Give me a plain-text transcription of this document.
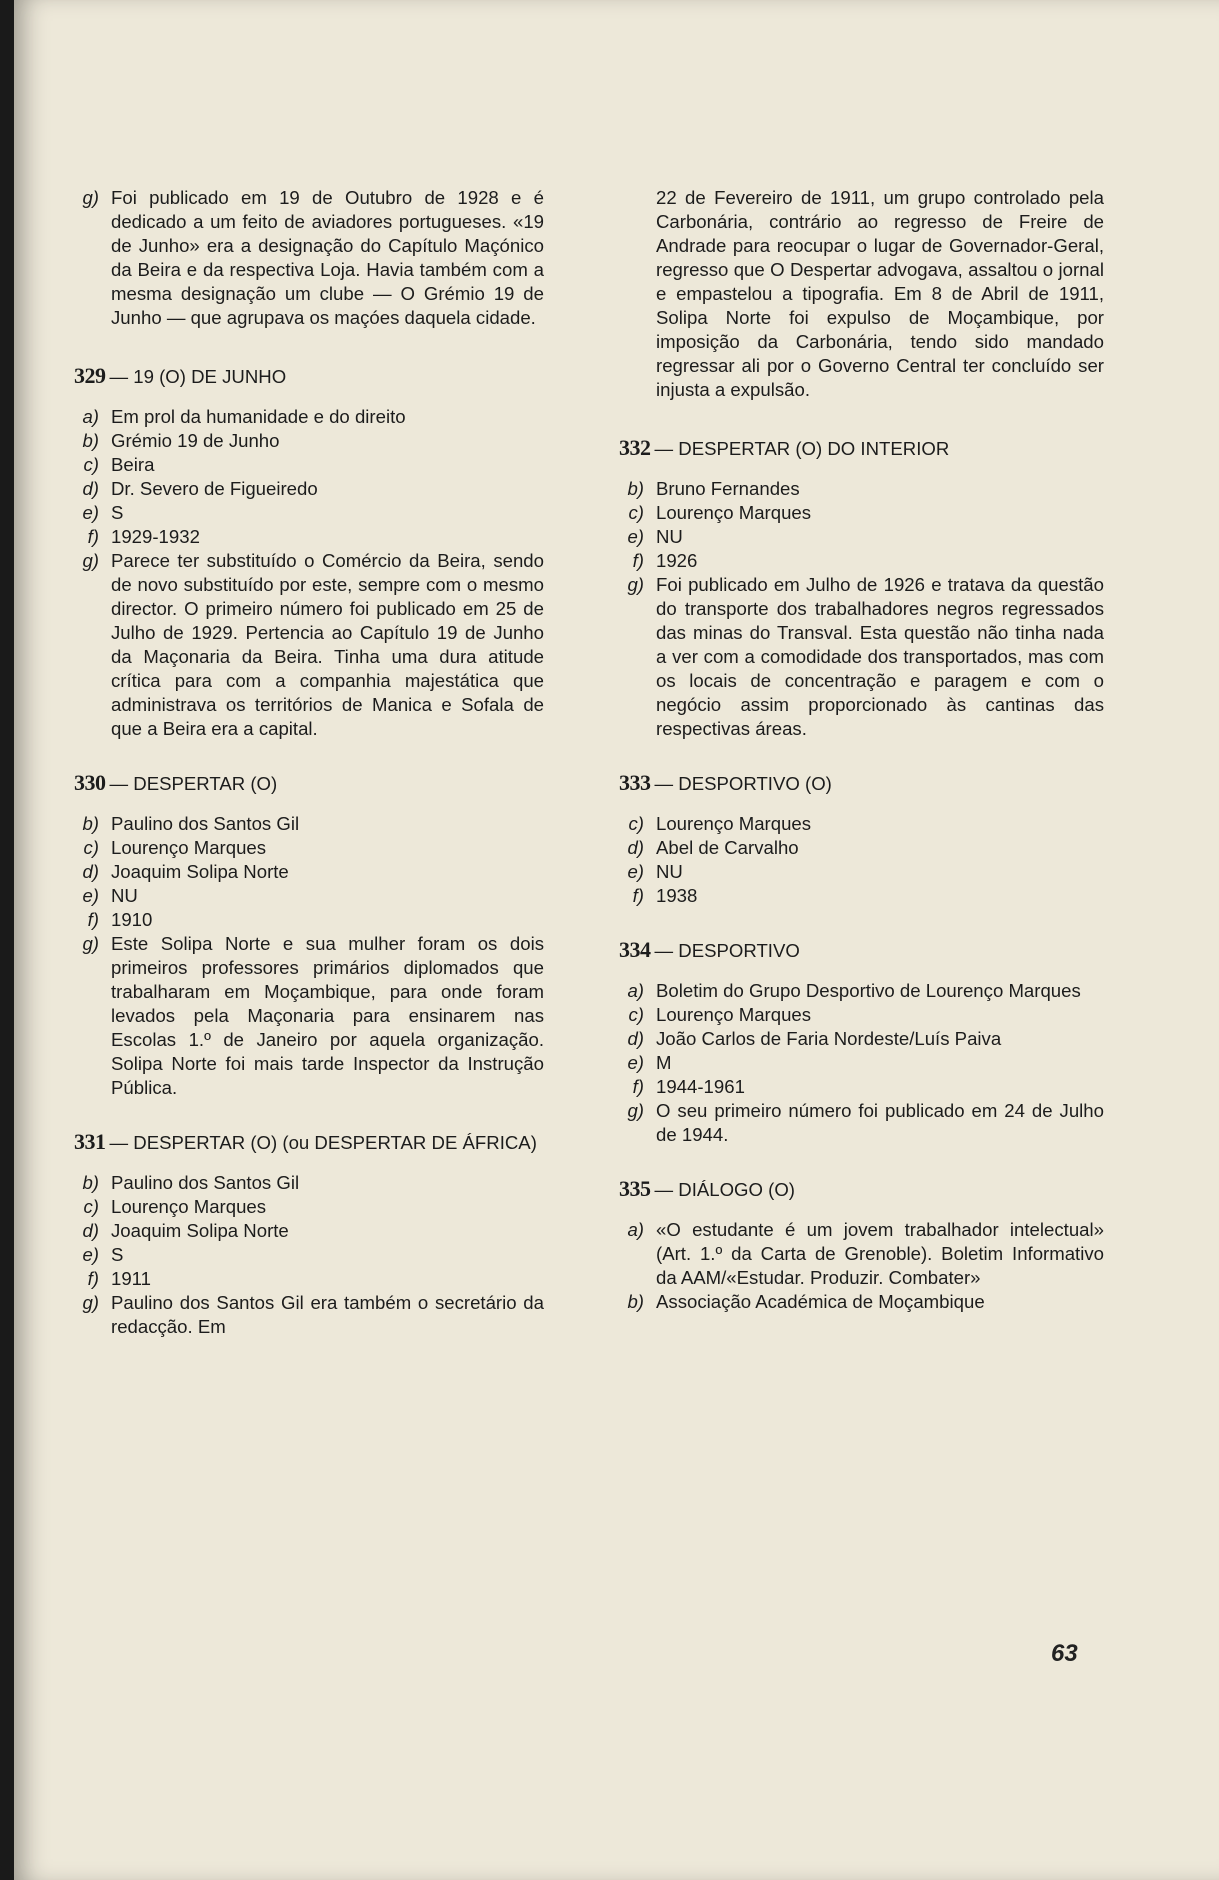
g) Foi publicado em 19 de Outubro de 1928 e é dedicado a um feito de aviadores portugueses. «19 de Junho» era a designação do Capítulo Maçónico da Beira e da respectiva Loja. Havia também com a mesma designação um clube — O Grémio 19 de Junho — que agrupava os maçóes daquela cidade.
329 — 19 (O) DE JUNHO
a) Em prol da humanidade e do direito
b) Grémio 19 de Junho
c) Beira
d) Dr. Severo de Figueiredo
e) S
f) 1929-1932
g) Parece ter substituído o Comércio da Beira, sendo de novo substituído por este, sempre com o mesmo director. O primeiro número foi publicado em 25 de Julho de 1929. Pertencia ao Capítulo 19 de Junho da Maçonaria da Beira. Tinha uma dura atitude crítica para com a companhia majestática que administrava os territórios de Manica e Sofala de que a Beira era a capital.
330 — DESPERTAR (O)
b) Paulino dos Santos Gil
c) Lourenço Marques
d) Joaquim Solipa Norte
e) NU
f) 1910
g) Este Solipa Norte e sua mulher foram os dois primeiros professores primários diplomados que trabalharam em Moçambique, para onde foram levados pela Maçonaria para ensinarem nas Escolas 1.º de Janeiro por aquela organização. Solipa Norte foi mais tarde Inspector da Instrução Pública.
331 — DESPERTAR (O) (ou DESPERTAR DE ÁFRICA)
b) Paulino dos Santos Gil
c) Lourenço Marques
d) Joaquim Solipa Norte
e) S
f) 1911
g) Paulino dos Santos Gil era também o secretário da redacção. Em
22 de Fevereiro de 1911, um grupo controlado pela Carbonária, contrário ao regresso de Freire de Andrade para reocupar o lugar de Governador-Geral, regresso que O Despertar advogava, assaltou o jornal e empastelou a tipografia. Em 8 de Abril de 1911, Solipa Norte foi expulso de Moçambique, por imposição da Carbonária, tendo sido mandado regressar ali por o Governo Central ter concluído ser injusta a expulsão.
332 — DESPERTAR (O) DO INTERIOR
b) Bruno Fernandes
c) Lourenço Marques
e) NU
f) 1926
g) Foi publicado em Julho de 1926 e tratava da questão do transporte dos trabalhadores negros regressados das minas do Transval. Esta questão não tinha nada a ver com a comodidade dos transportados, mas com os locais de concentração e paragem e com o negócio assim proporcionado às cantinas das respectivas áreas.
333 — DESPORTIVO (O)
c) Lourenço Marques
d) Abel de Carvalho
e) NU
f) 1938
334 — DESPORTIVO
a) Boletim do Grupo Desportivo de Lourenço Marques
c) Lourenço Marques
d) João Carlos de Faria Nordeste/Luís Paiva
e) M
f) 1944-1961
g) O seu primeiro número foi publicado em 24 de Julho de 1944.
335 — DIÁLOGO (O)
a) «O estudante é um jovem trabalhador intelectual» (Art. 1.º da Carta de Grenoble). Boletim Informativo da AAM/«Estudar. Produzir. Combater»
b) Associação Académica de Moçambique
63
